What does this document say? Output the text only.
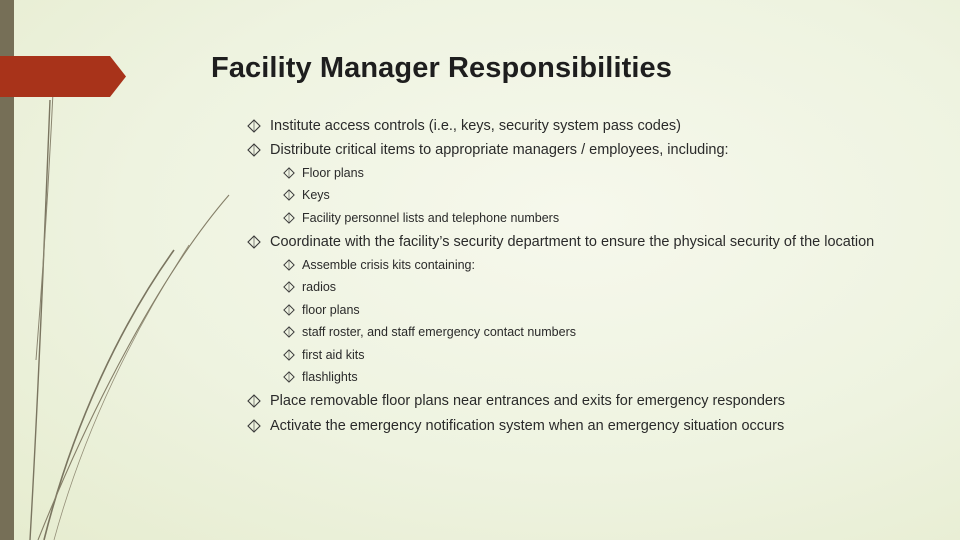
Facility Manager Responsibilities
Institute access controls (i.e., keys, security system pass codes)
Distribute critical items to appropriate managers / employees, including:
Floor plans
Keys
Facility personnel lists and telephone numbers
Coordinate with the facility’s security department to ensure the physical security of the location
Assemble crisis kits containing:
radios
floor plans
staff roster, and staff emergency contact numbers
first aid kits
flashlights
Place removable floor plans near entrances and exits for emergency responders
Activate the emergency notification system when an emergency situation occurs
